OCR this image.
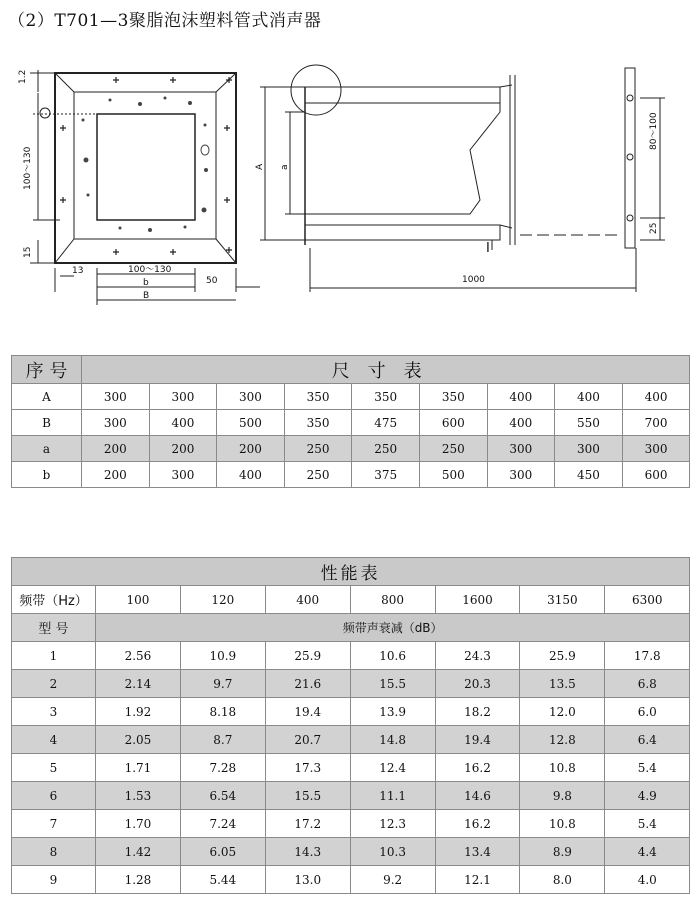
（2）T701—3聚脂泡沫塑料管式消声器
1.2
100～130
15
13	100～130
b
B
50
A a
1000
80～100
25
I
序 号	尺寸表								
A	300	300	300	350	350	350	400	400	400
B	300	400	500	350	475	600	400	550	700
a	200	200	200	250	250	250	300	300	300
b	200	300	400	250	375	500	300	450	600
性能表							
频带（Hz）	100	120	400	800	1600	3150	6300
型 号	频带声衰减（dB）						
1	2.56	10.9	25.9	10.6	24.3	25.9	17.8
2	2.14	9.7	21.6	15.5	20.3	13.5	6.8
3	1.92	8.18	19.4	13.9	18.2	12.0	6.0
4	2.05	8.7	20.7	14.8	19.4	12.8	6.4
5	1.71	7.28	17.3	12.4	16.2	10.8	5.4
6	1.53	6.54	15.5	11.1	14.6	9.8	4.9
7	1.70	7.24	17.2	12.3	16.2	10.8	5.4
8	1.42	6.05	14.3	10.3	13.4	8.9	4.4
9	1.28	5.44	13.0	9.2	12.1	8.0	4.0
